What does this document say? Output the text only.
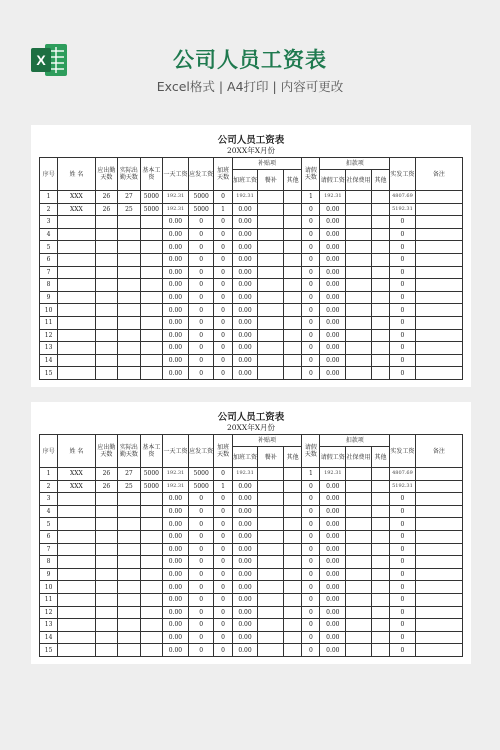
X	公司人员工资表
Excel格式 | A4打印 | 内容可更改
公司人员工资表
20XX年X月份
序号	姓 名	应出勤天数	实际出勤天数	基本工资	一天工资	应发工资	加班天数	补贴项			请假天数	扣款项			实发工资	备注
								加班工资	餐补	其他		请假工资	社保费用	其他		
1	XXX	26	27	5000	192.31	5000	0	192.31			1	192.31			4807.69	
2	XXX	26	25	5000	192.31	5000	1	0.00			0	0.00			5192.31	
3					0.00	0	0	0.00			0	0.00			0	
4					0.00	0	0	0.00			0	0.00			0	
5					0.00	0	0	0.00			0	0.00			0	
6					0.00	0	0	0.00			0	0.00			0	
7					0.00	0	0	0.00			0	0.00			0	
8					0.00	0	0	0.00			0	0.00			0	
9					0.00	0	0	0.00			0	0.00			0	
10					0.00	0	0	0.00			0	0.00			0	
11					0.00	0	0	0.00			0	0.00			0	
12					0.00	0	0	0.00			0	0.00			0	
13					0.00	0	0	0.00			0	0.00			0	
14					0.00	0	0	0.00			0	0.00			0	
15					0.00	0	0	0.00			0	0.00			0	
公司人员工资表
20XX年X月份
序号	姓 名	应出勤天数	实际出勤天数	基本工资	一天工资	应发工资	加班天数	补贴项			请假天数	扣款项			实发工资	备注
								加班工资	餐补	其他		请假工资	社保费用	其他		
1	XXX	26	27	5000	192.31	5000	0	192.31			1	192.31			4807.69	
2	XXX	26	25	5000	192.31	5000	1	0.00			0	0.00			5192.31	
3					0.00	0	0	0.00			0	0.00			0	
4					0.00	0	0	0.00			0	0.00			0	
5					0.00	0	0	0.00			0	0.00			0	
6					0.00	0	0	0.00			0	0.00			0	
7					0.00	0	0	0.00			0	0.00			0	
8					0.00	0	0	0.00			0	0.00			0	
9					0.00	0	0	0.00			0	0.00			0	
10					0.00	0	0	0.00			0	0.00			0	
11					0.00	0	0	0.00			0	0.00			0	
12					0.00	0	0	0.00			0	0.00			0	
13					0.00	0	0	0.00			0	0.00			0	
14					0.00	0	0	0.00			0	0.00			0	
15					0.00	0	0	0.00			0	0.00			0	
